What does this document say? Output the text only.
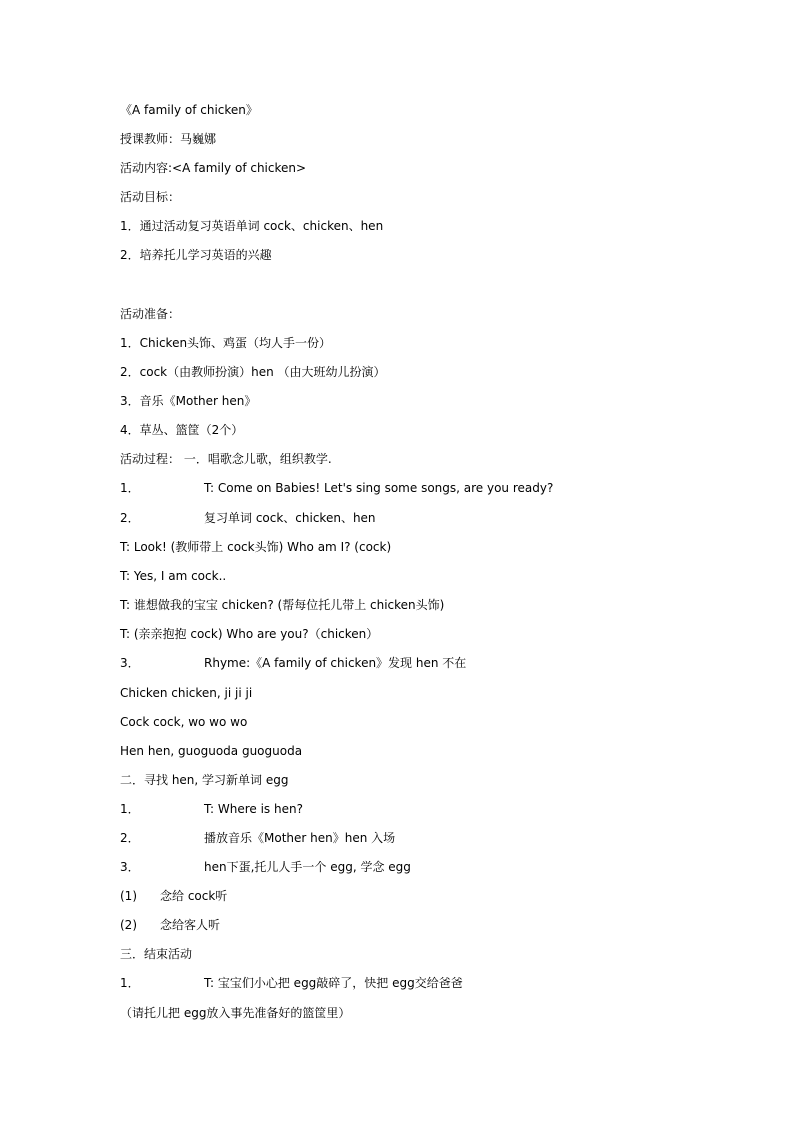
《A family of chicken》
授课教师：马巍娜
活动内容:<A family of chicken>
活动目标：
1．通过活动复习英语单词 cock、chicken、hen
2．培养托儿学习英语的兴趣
活动准备：
1．Chicken头饰、鸡蛋（均人手一份）
2．cock（由教师扮演）hen （由大班幼儿扮演）
3．音乐《Mother hen》
4．草丛、篮筐（2个）
活动过程： 一．唱歌念儿歌，组织教学.
1．	T: Come on Babies! Let's sing some songs, are you ready?
2．	复习单词 cock、chicken、hen
T: Look! (教师带上 cock头饰) Who am I? (cock)
T: Yes, I am cock..
T: 谁想做我的宝宝 chicken? (帮每位托儿带上 chicken头饰)
T: (亲亲抱抱 cock) Who are you?（chicken）
3．	Rhyme:《A family of chicken》发现 hen 不在
Chicken chicken, ji ji ji
Cock cock, wo wo wo
Hen hen, guoguoda guoguoda
二．寻找 hen, 学习新单词 egg
1．	T: Where is hen?
2．	播放音乐《Mother hen》hen 入场
3．	hen下蛋,托儿人手一个 egg, 学念 egg
(1) 念给 cock听
(2) 念给客人听
三．结束活动
1．	T: 宝宝们小心把 egg敲碎了，快把 egg交给爸爸
（请托儿把 egg放入事先准备好的篮筐里）
